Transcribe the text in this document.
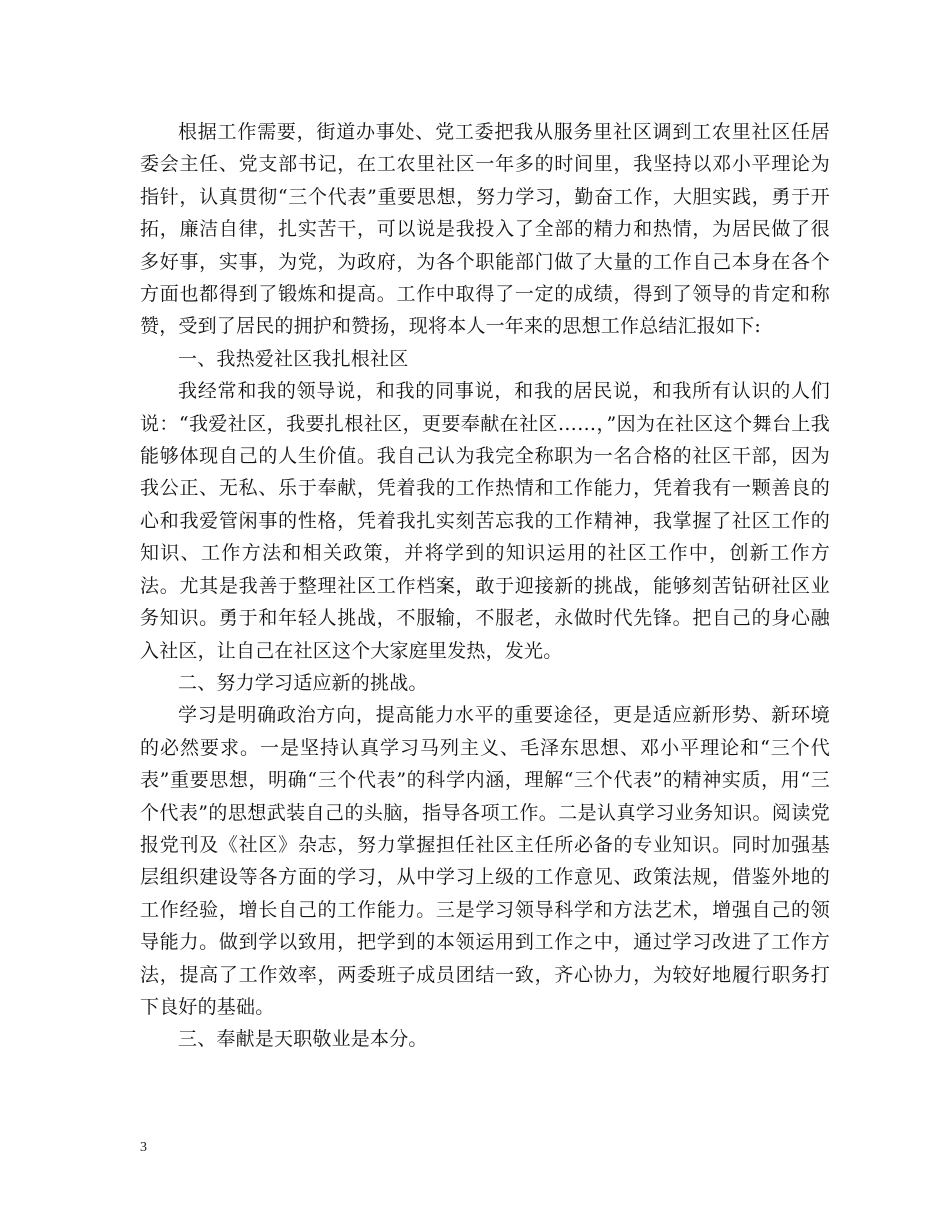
根据工作需要，街道办事处、党工委把我从服务里社区调到工农里社区任居委会主任、党支部书记，在工农里社区一年多的时间里，我坚持以邓小平理论为指针，认真贯彻“三个代表”重要思想，努力学习，勤奋工作，大胆实践，勇于开拓，廉洁自律，扎实苦干，可以说是我投入了全部的精力和热情，为居民做了很多好事，实事，为党，为政府，为各个职能部门做了大量的工作自己本身在各个方面也都得到了锻炼和提高。工作中取得了一定的成绩，得到了领导的肯定和称赞，受到了居民的拥护和赞扬，现将本人一年来的思想工作总结汇报如下:

一、我热爱社区我扎根社区

我经常和我的领导说，和我的同事说，和我的居民说，和我所有认识的人们说：“我爱社区，我要扎根社区，更要奉献在社区……，”因为在社区这个舞台上我能够体现自己的人生价值。我自己认为我完全称职为一名合格的社区干部，因为我公正、无私、乐于奉献，凭着我的工作热情和工作能力，凭着我有一颗善良的心和我爱管闲事的性格，凭着我扎实刻苦忘我的工作精神，我掌握了社区工作的知识、工作方法和相关政策，并将学到的知识运用的社区工作中，创新工作方法。尤其是我善于整理社区工作档案，敢于迎接新的挑战，能够刻苦钻研社区业务知识。勇于和年轻人挑战，不服输，不服老，永做时代先锋。把自己的身心融入社区，让自己在社区这个大家庭里发热，发光。

二、努力学习适应新的挑战。

学习是明确政治方向，提高能力水平的重要途径，更是适应新形势、新环境的必然要求。一是坚持认真学习马列主义、毛泽东思想、邓小平理论和“三个代表”重要思想，明确“三个代表”的科学内涵，理解“三个代表”的精神实质，用“三个代表”的思想武装自己的头脑，指导各项工作。二是认真学习业务知识。阅读党报党刊及《社区》杂志，努力掌握担任社区主任所必备的专业知识。同时加强基层组织建设等各方面的学习，从中学习上级的工作意见、政策法规，借鉴外地的工作经验，增长自己的工作能力。三是学习领导科学和方法艺术，增强自己的领导能力。做到学以致用，把学到的本领运用到工作之中，通过学习改进了工作方法，提高了工作效率，两委班子成员团结一致，齐心协力，为较好地履行职务打下良好的基础。

三、奉献是天职敬业是本分。

3
